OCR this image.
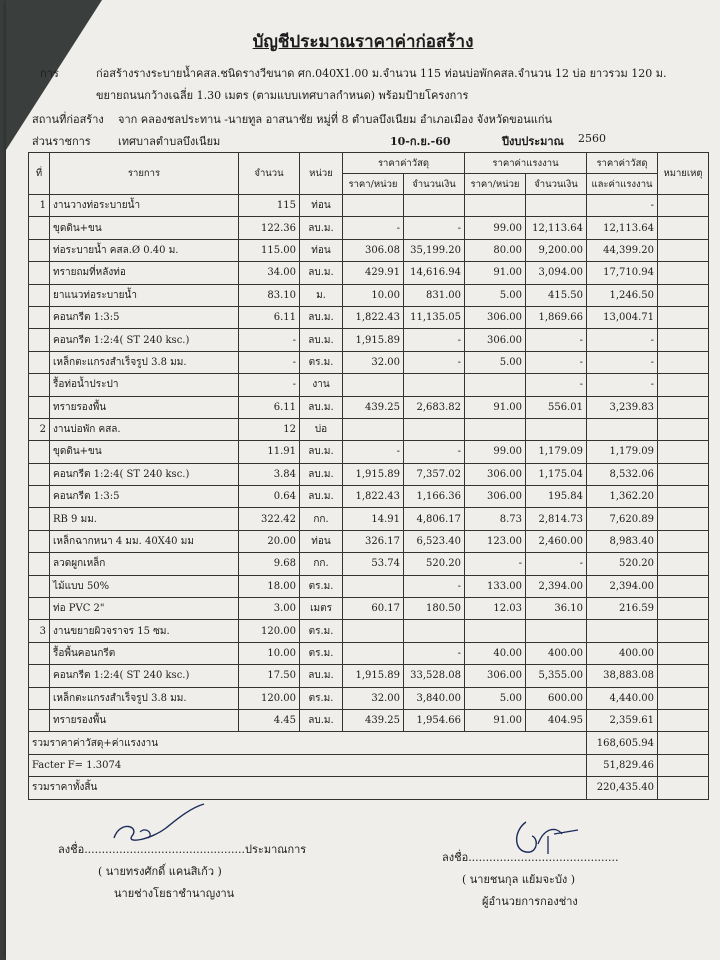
บัญชีประมาณราคาค่าก่อสร้าง
การ	ก่อสร้างรางระบายน้ำคสล.ชนิดรางวีขนาด ศก.040X1.00 ม.จำนวน 115 ท่อนบ่อพักคสล.จำนวน 12 บ่อ ยาวรวม 120 ม.
ขยายถนนกว้างเฉลี่ย 1.30 เมตร (ตามแบบเทศบาลกำหนด) พร้อมป้ายโครงการ
สถานที่ก่อสร้าง จาก คลองชลประทาน -นายทูล อาสนาชัย หมู่ที่ 8 ตำบลบึงเนียม อำเภอเมือง จังหวัดขอนแก่น
ส่วนราชการ เทศบาลตำบลบึงเนียม	10-ก.ย.-60	ปีงบประมาณ 2560
ที่	รายการ	จำนวน	หน่วย	ราคาค่าวัสดุ		ราคาค่าแรงงาน		ราคาค่าวัสดุ	หมายเหตุ
				ราคา/หน่วย	จำนวนเงิน	ราคา/หน่วย	จำนวนเงิน	และค่าแรงงาน	
1	งานวางท่อระบายน้ำ	115	ท่อน					-	
	ขุดดิน+ขน	122.36	ลบ.ม.	-	-	99.00	12,113.64	12,113.64	
	ท่อระบายน้ำ คสล.Ø 0.40 ม.	115.00	ท่อน	306.08	35,199.20	80.00	9,200.00	44,399.20	
	ทรายถมที่หลังท่อ	34.00	ลบ.ม.	429.91	14,616.94	91.00	3,094.00	17,710.94	
	ยาแนวท่อระบายน้ำ	83.10	ม.	10.00	831.00	5.00	415.50	1,246.50	
	คอนกรีต 1:3:5	6.11	ลบ.ม.	1,822.43	11,135.05	306.00	1,869.66	13,004.71	
	คอนกรีต 1:2:4( ST 240 ksc.)	-	ลบ.ม.	1,915.89	-	306.00	-	-	
	เหล็กตะแกรงสำเร็จรูป 3.8 มม.	-	ตร.ม.	32.00	-	5.00	-	-	
	รื้อท่อน้ำประปา	-	งาน				-	-	
	ทรายรองพื้น	6.11	ลบ.ม.	439.25	2,683.82	91.00	556.01	3,239.83	
2	งานบ่อพัก คสล.	12	บ่อ						
	ขุดดิน+ขน	11.91	ลบ.ม.	-	-	99.00	1,179.09	1,179.09	
	คอนกรีต 1:2:4( ST 240 ksc.)	3.84	ลบ.ม.	1,915.89	7,357.02	306.00	1,175.04	8,532.06	
	คอนกรีต 1:3:5	0.64	ลบ.ม.	1,822.43	1,166.36	306.00	195.84	1,362.20	
	RB 9 มม.	322.42	กก.	14.91	4,806.17	8.73	2,814.73	7,620.89	
	เหล็กฉากหนา 4 มม. 40X40 มม	20.00	ท่อน	326.17	6,523.40	123.00	2,460.00	8,983.40	
	ลวดผูกเหล็ก	9.68	กก.	53.74	520.20	-	-	520.20	
	ไม้แบบ 50%	18.00	ตร.ม.		-	133.00	2,394.00	2,394.00	
	ท่อ PVC 2"	3.00	เมตร	60.17	180.50	12.03	36.10	216.59	
3	งานขยายผิวจราจร 15 ซม.	120.00	ตร.ม.						
	รื้อพื้นคอนกรีต	10.00	ตร.ม.		-	40.00	400.00	400.00	
	คอนกรีต 1:2:4( ST 240 ksc.)	17.50	ลบ.ม.	1,915.89	33,528.08	306.00	5,355.00	38,883.08	
	เหล็กตะแกรงสำเร็จรูป 3.8 มม.	120.00	ตร.ม.	32.00	3,840.00	5.00	600.00	4,440.00	
	ทรายรองพื้น	4.45	ลบ.ม.	439.25	1,954.66	91.00	404.95	2,359.61	
รวมราคาค่าวัสดุ+ค่าแรงงาน								168,605.94	
Facter F= 1.3074								51,829.46	
รวมราคาทั้งสิ้น								220,435.40	
ลงชื่อ..............................................ประมาณการ
( นายทรงศักดิ์ แคนสิเก้ว )
นายช่างโยธาชำนาญงาน
ลงชื่อ...........................................
( นายชนกุล แย้มจะบัง )
ผู้อำนวยการกองช่าง
